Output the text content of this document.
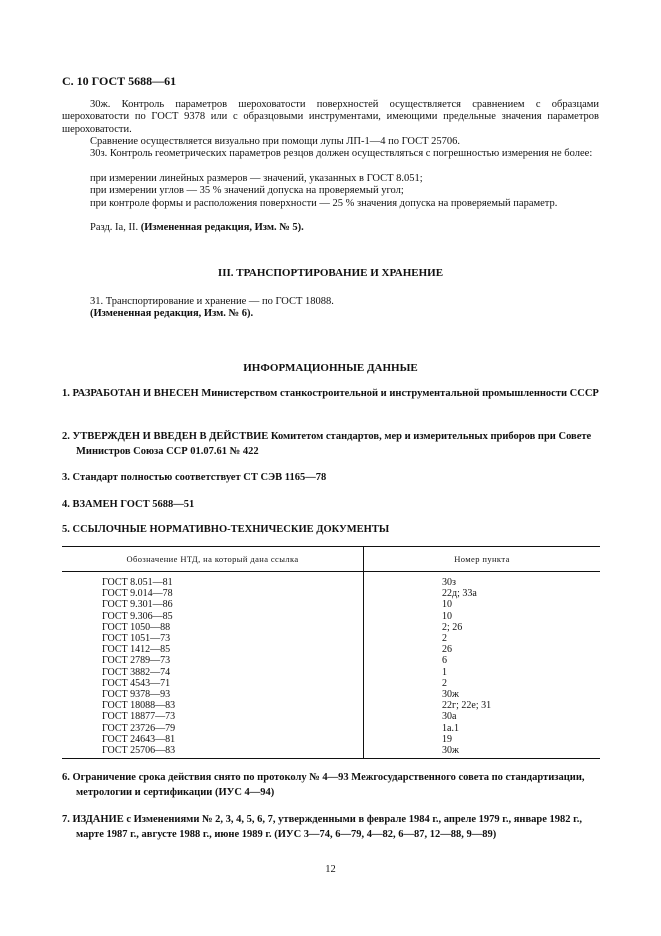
С. 10 ГОСТ 5688—61
30ж. Контроль параметров шероховатости поверхностей осуществляется сравнением с образцами шероховатости по ГОСТ 9378 или с образцовыми инструментами, имеющими предельные значения параметров шероховатости.
Сравнение осуществляется визуально при помощи лупы ЛП-1—4 по ГОСТ 25706.
30з. Контроль геометрических параметров резцов должен осуществляться с погрешностью измерения не более:
при измерении линейных размеров — значений, указанных в ГОСТ 8.051;
при измерении углов — 35 % значений допуска на проверяемый угол;
при контроле формы и расположения поверхности — 25 % значения допуска на проверяемый параметр.
Разд. Ia, II. (Измененная редакция, Изм. № 5).
III. ТРАНСПОРТИРОВАНИЕ И ХРАНЕНИЕ
31. Транспортирование и хранение — по ГОСТ 18088.
(Измененная редакция, Изм. № 6).
ИНФОРМАЦИОННЫЕ ДАННЫЕ
1. РАЗРАБОТАН И ВНЕСЕН Министерством станкостроительной и инструментальной промышленности СССР
2. УТВЕРЖДЕН И ВВЕДЕН В ДЕЙСТВИЕ Комитетом стандартов, мер и измерительных приборов при Совете Министров Союза ССР 01.07.61 № 422
3. Стандарт полностью соответствует СТ СЭВ 1165—78
4. ВЗАМЕН ГОСТ 5688—51
5. ССЫЛОЧНЫЕ НОРМАТИВНО-ТЕХНИЧЕСКИЕ ДОКУМЕНТЫ
Обозначение НТД, на который дана ссылка	Номер пункта
ГОСТ 8.051—81	30з
ГОСТ 9.014—78	22д; 33а
ГОСТ 9.301—86	10
ГОСТ 9.306—85	10
ГОСТ 1050—88	2; 26
ГОСТ 1051—73	2
ГОСТ 1412—85	26
ГОСТ 2789—73	6
ГОСТ 3882—74	1
ГОСТ 4543—71	2
ГОСТ 9378—93	30ж
ГОСТ 18088—83	22г; 22е; 31
ГОСТ 18877—73	30а
ГОСТ 23726—79	1а.1
ГОСТ 24643—81	19
ГОСТ 25706—83	30ж
6. Ограничение срока действия снято по протоколу № 4—93 Межгосударственного совета по стандартизации, метрологии и сертификации (ИУС 4—94)
7. ИЗДАНИЕ с Изменениями № 2, 3, 4, 5, 6, 7, утвержденными в феврале 1984 г., апреле 1979 г., январе 1982 г., марте 1987 г., августе 1988 г., июне 1989 г. (ИУС 3—74, 6—79, 4—82, 6—87, 12—88, 9—89)
12
